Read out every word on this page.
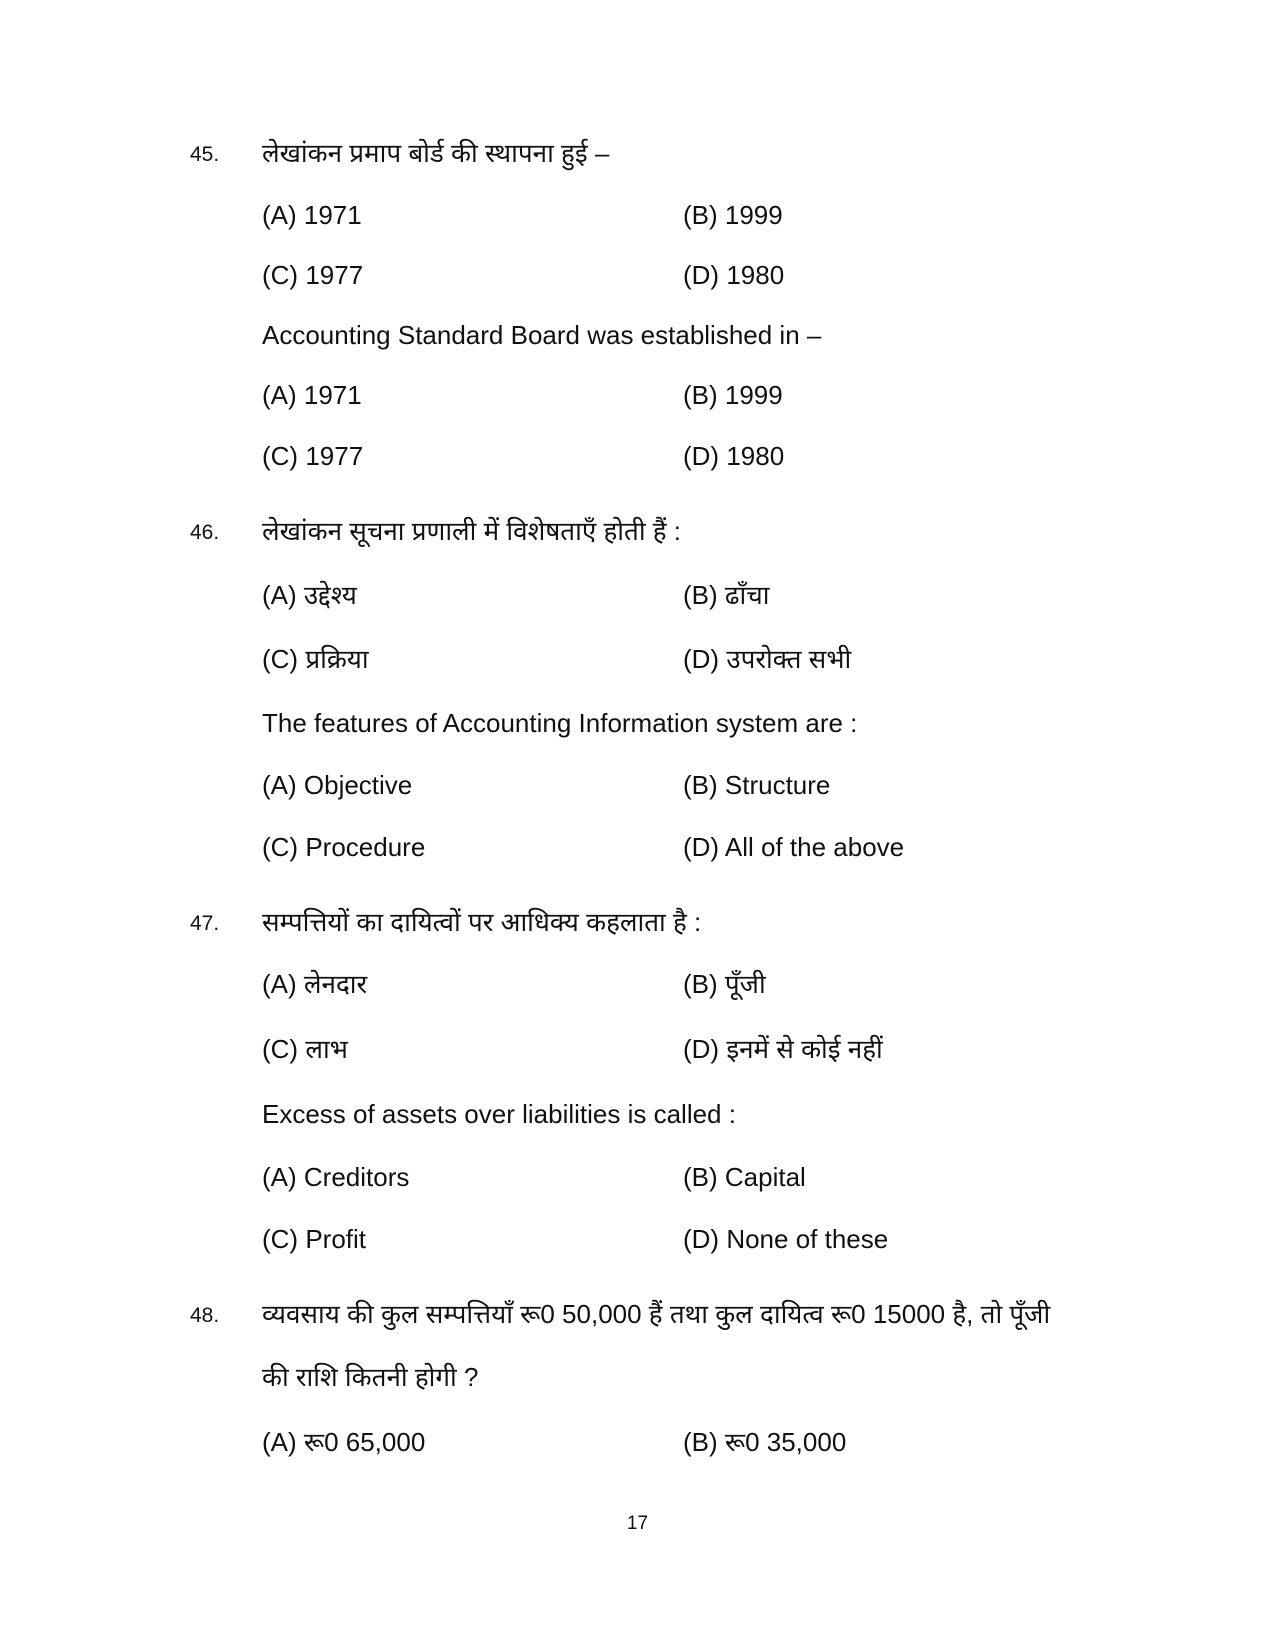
45. लेखांकन प्रमाप बोर्ड की स्थापना हुई –
(A) 1971	(B) 1999
(C) 1977	(D) 1980
Accounting Standard Board was established in –
(A) 1971	(B) 1999
(C) 1977	(D) 1980
46. लेखांकन सूचना प्रणाली में विशेषताएँ होती हैं :
(A) उद्देश्य	(B) ढाँचा
(C) प्रक्रिया	(D) उपरोक्त सभी
The features of Accounting Information system are :
(A) Objective	(B) Structure
(C) Procedure	(D) All of the above
47. सम्पत्तियों का दायित्वों पर आधिक्य कहलाता है :
(A) लेनदार	(B) पूँजी
(C) लाभ	(D) इनमें से कोई नहीं
Excess of assets over liabilities is called :
(A) Creditors	(B) Capital
(C) Profit	(D) None of these
48. व्यवसाय की कुल सम्पत्तियाँ रू0 50,000 हैं तथा कुल दायित्व रू0 15000 है, तो पूँजी
की राशि कितनी होगी ?
(A) रू0 65,000	(B) रू0 35,000
17
